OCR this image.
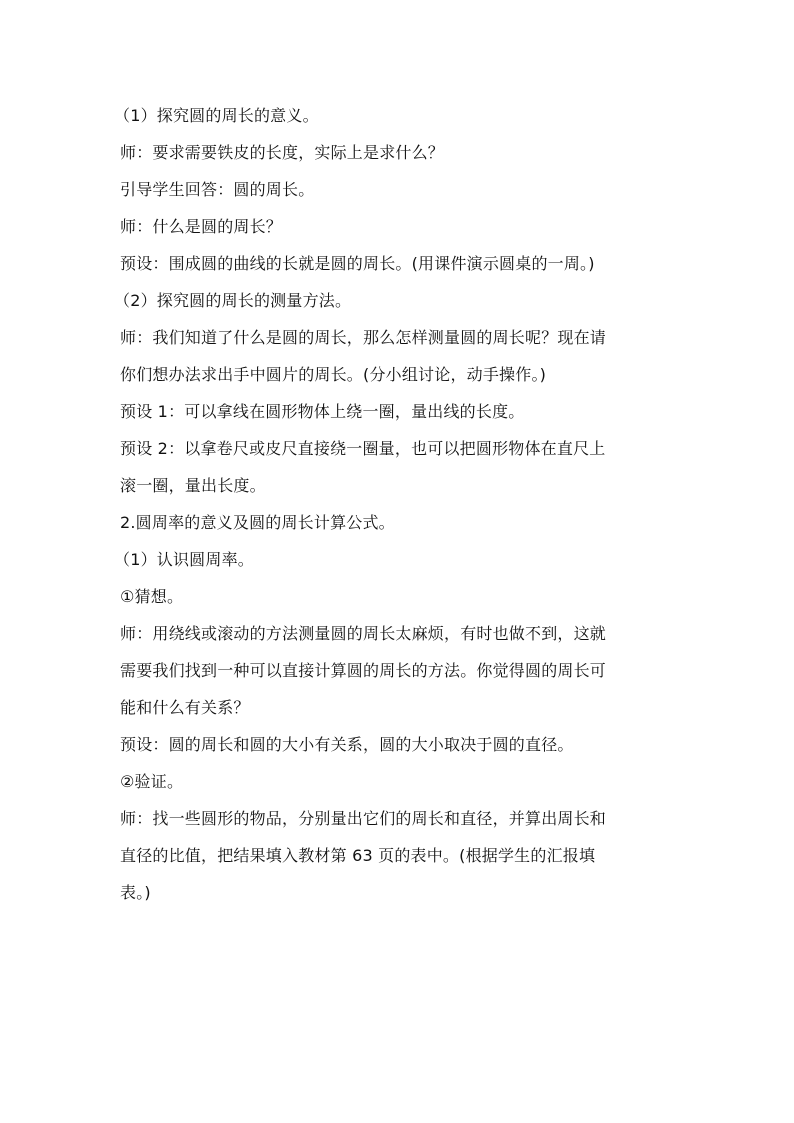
（1）探究圆的周长的意义。
师：要求需要铁皮的长度，实际上是求什么？
引导学生回答：圆的周长。
师：什么是圆的周长？
预设：围成圆的曲线的长就是圆的周长。(用课件演示圆桌的一周。)
（2）探究圆的周长的测量方法。
师：我们知道了什么是圆的周长，那么怎样测量圆的周长呢？现在请
你们想办法求出手中圆片的周长。(分小组讨论，动手操作。)
预设 1：可以拿线在圆形物体上绕一圈，量出线的长度。
预设 2：以拿卷尺或皮尺直接绕一圈量，也可以把圆形物体在直尺上
滚一圈，量出长度。
2.圆周率的意义及圆的周长计算公式。
（1）认识圆周率。
①猜想。
师：用绕线或滚动的方法测量圆的周长太麻烦，有时也做不到，这就
需要我们找到一种可以直接计算圆的周长的方法。你觉得圆的周长可
能和什么有关系？
预设：圆的周长和圆的大小有关系，圆的大小取决于圆的直径。
②验证。
师：找一些圆形的物品，分别量出它们的周长和直径，并算出周长和
直径的比值，把结果填入教材第 63 页的表中。(根据学生的汇报填
表。)
